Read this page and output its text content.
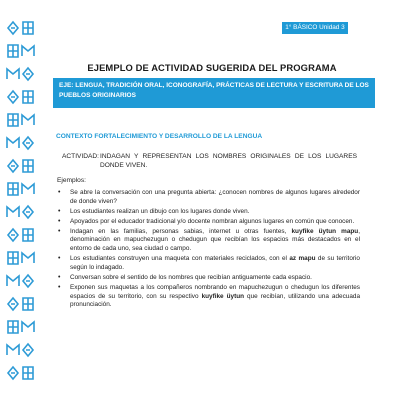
1° BÁSICO Unidad 3
EJEMPLO DE ACTIVIDAD SUGERIDA DEL PROGRAMA
EJE: LENGUA, TRADICIÓN ORAL, ICONOGRAFÍA, PRÁCTICAS DE LECTURA Y ESCRITURA DE LOS PUEBLOS ORIGINARIOS
CONTEXTO FORTALECIMIENTO Y DESARROLLO DE LA LENGUA
ACTIVIDAD: INDAGAN Y REPRESENTAN LOS NOMBRES ORIGINALES DE LOS LUGARES DONDE VIVEN.
Ejemplos:
• Se abre la conversación con una pregunta abierta: ¿conocen nombres de algunos lugares alrededor de donde viven?
• Los estudiantes realizan un dibujo con los lugares donde viven.
• Apoyados por el educador tradicional y/o docente nombran algunos lugares en común que conocen.
• Indagan en las familias, personas sabias, internet u otras fuentes, kuyfike üytun mapu, denominación en mapuchezugun o chedugun que recibían los espacios más destacados en el entorno de cada uno, sea ciudad o campo.
• Los estudiantes construyen una maqueta con materiales reciclados, con el az mapu de su territorio según lo indagado.
• Conversan sobre el sentido de los nombres que recibían antiguamente cada espacio.
• Exponen sus maquetas a los compañeros nombrando en mapuchezugun o chedugun los diferentes espacios de su territorio, con su respectivo kuyfike üytun que recibían, utilizando una adecuada pronunciación.
